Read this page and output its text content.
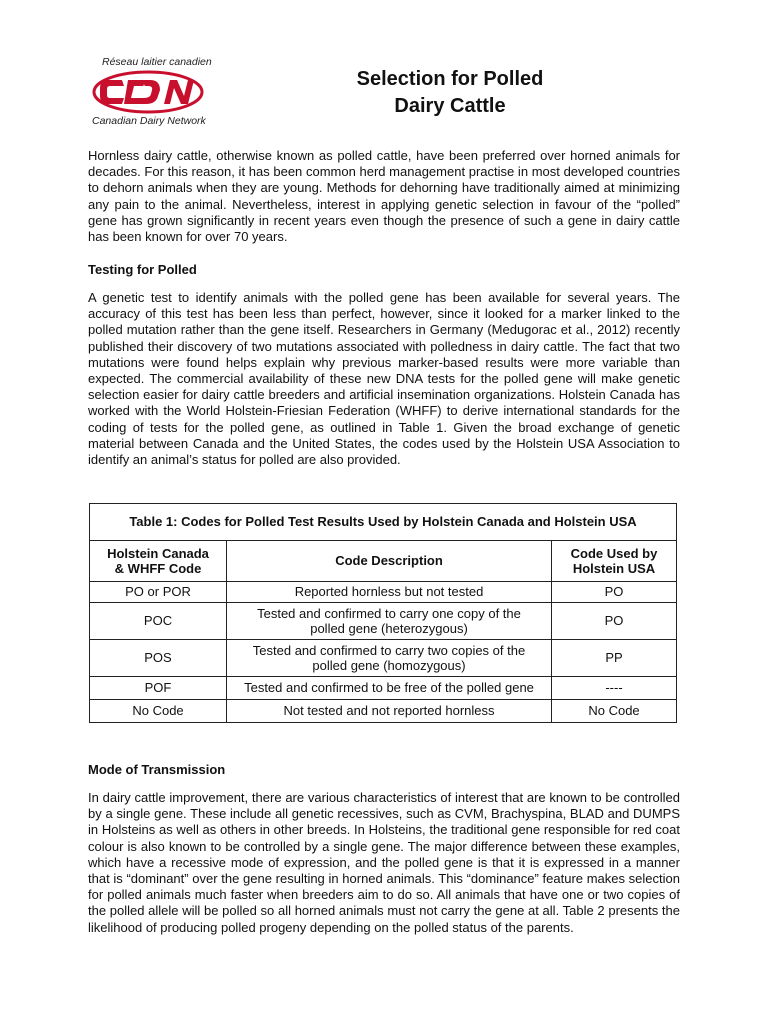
Réseau laitier canadien
Canadian Dairy Network
Selection for Polled
Dairy Cattle

Hornless dairy cattle, otherwise known as polled cattle, have been preferred over horned animals for decades. For this reason, it has been common herd management practise in most developed countries to dehorn animals when they are young. Methods for dehorning have traditionally aimed at minimizing any pain to the animal. Nevertheless, interest in applying genetic selection in favour of the “polled” gene has grown significantly in recent years even though the presence of such a gene in dairy cattle has been known for over 70 years.

Testing for Polled

A genetic test to identify animals with the polled gene has been available for several years. The accuracy of this test has been less than perfect, however, since it looked for a marker linked to the polled mutation rather than the gene itself. Researchers in Germany (Medugorac et al., 2012) recently published their discovery of two mutations associated with polledness in dairy cattle. The fact that two mutations were found helps explain why previous marker-based results were more variable than expected. The commercial availability of these new DNA tests for the polled gene will make genetic selection easier for dairy cattle breeders and artificial insemination organizations. Holstein Canada has worked with the World Holstein-Friesian Federation (WHFF) to derive international standards for the coding of tests for the polled gene, as outlined in Table 1. Given the broad exchange of genetic material between Canada and the United States, the codes used by the Holstein USA Association to identify an animal’s status for polled are also provided.

Table 1: Codes for Polled Test Results Used by Holstein Canada and Holstein USA		
Holstein Canada
& WHFF Code	Code Description	Code Used by
Holstein USA
PO or POR	Reported hornless but not tested	PO
POC	Tested and confirmed to carry one copy of the
polled gene (heterozygous)	PO
POS	Tested and confirmed to carry two copies of the
polled gene (homozygous)	PP
POF	Tested and confirmed to be free of the polled gene	----
No Code	Not tested and not reported hornless	No Code

Mode of Transmission

In dairy cattle improvement, there are various characteristics of interest that are known to be controlled by a single gene. These include all genetic recessives, such as CVM, Brachyspina, BLAD and DUMPS in Holsteins as well as others in other breeds. In Holsteins, the traditional gene responsible for red coat colour is also known to be controlled by a single gene. The major difference between these examples, which have a recessive mode of expression, and the polled gene is that it is expressed in a manner that is “dominant” over the gene resulting in horned animals. This “dominance” feature makes selection for polled animals much faster when breeders aim to do so. All animals that have one or two copies of the polled allele will be polled so all horned animals must not carry the gene at all. Table 2 presents the likelihood of producing polled progeny depending on the polled status of the parents.
